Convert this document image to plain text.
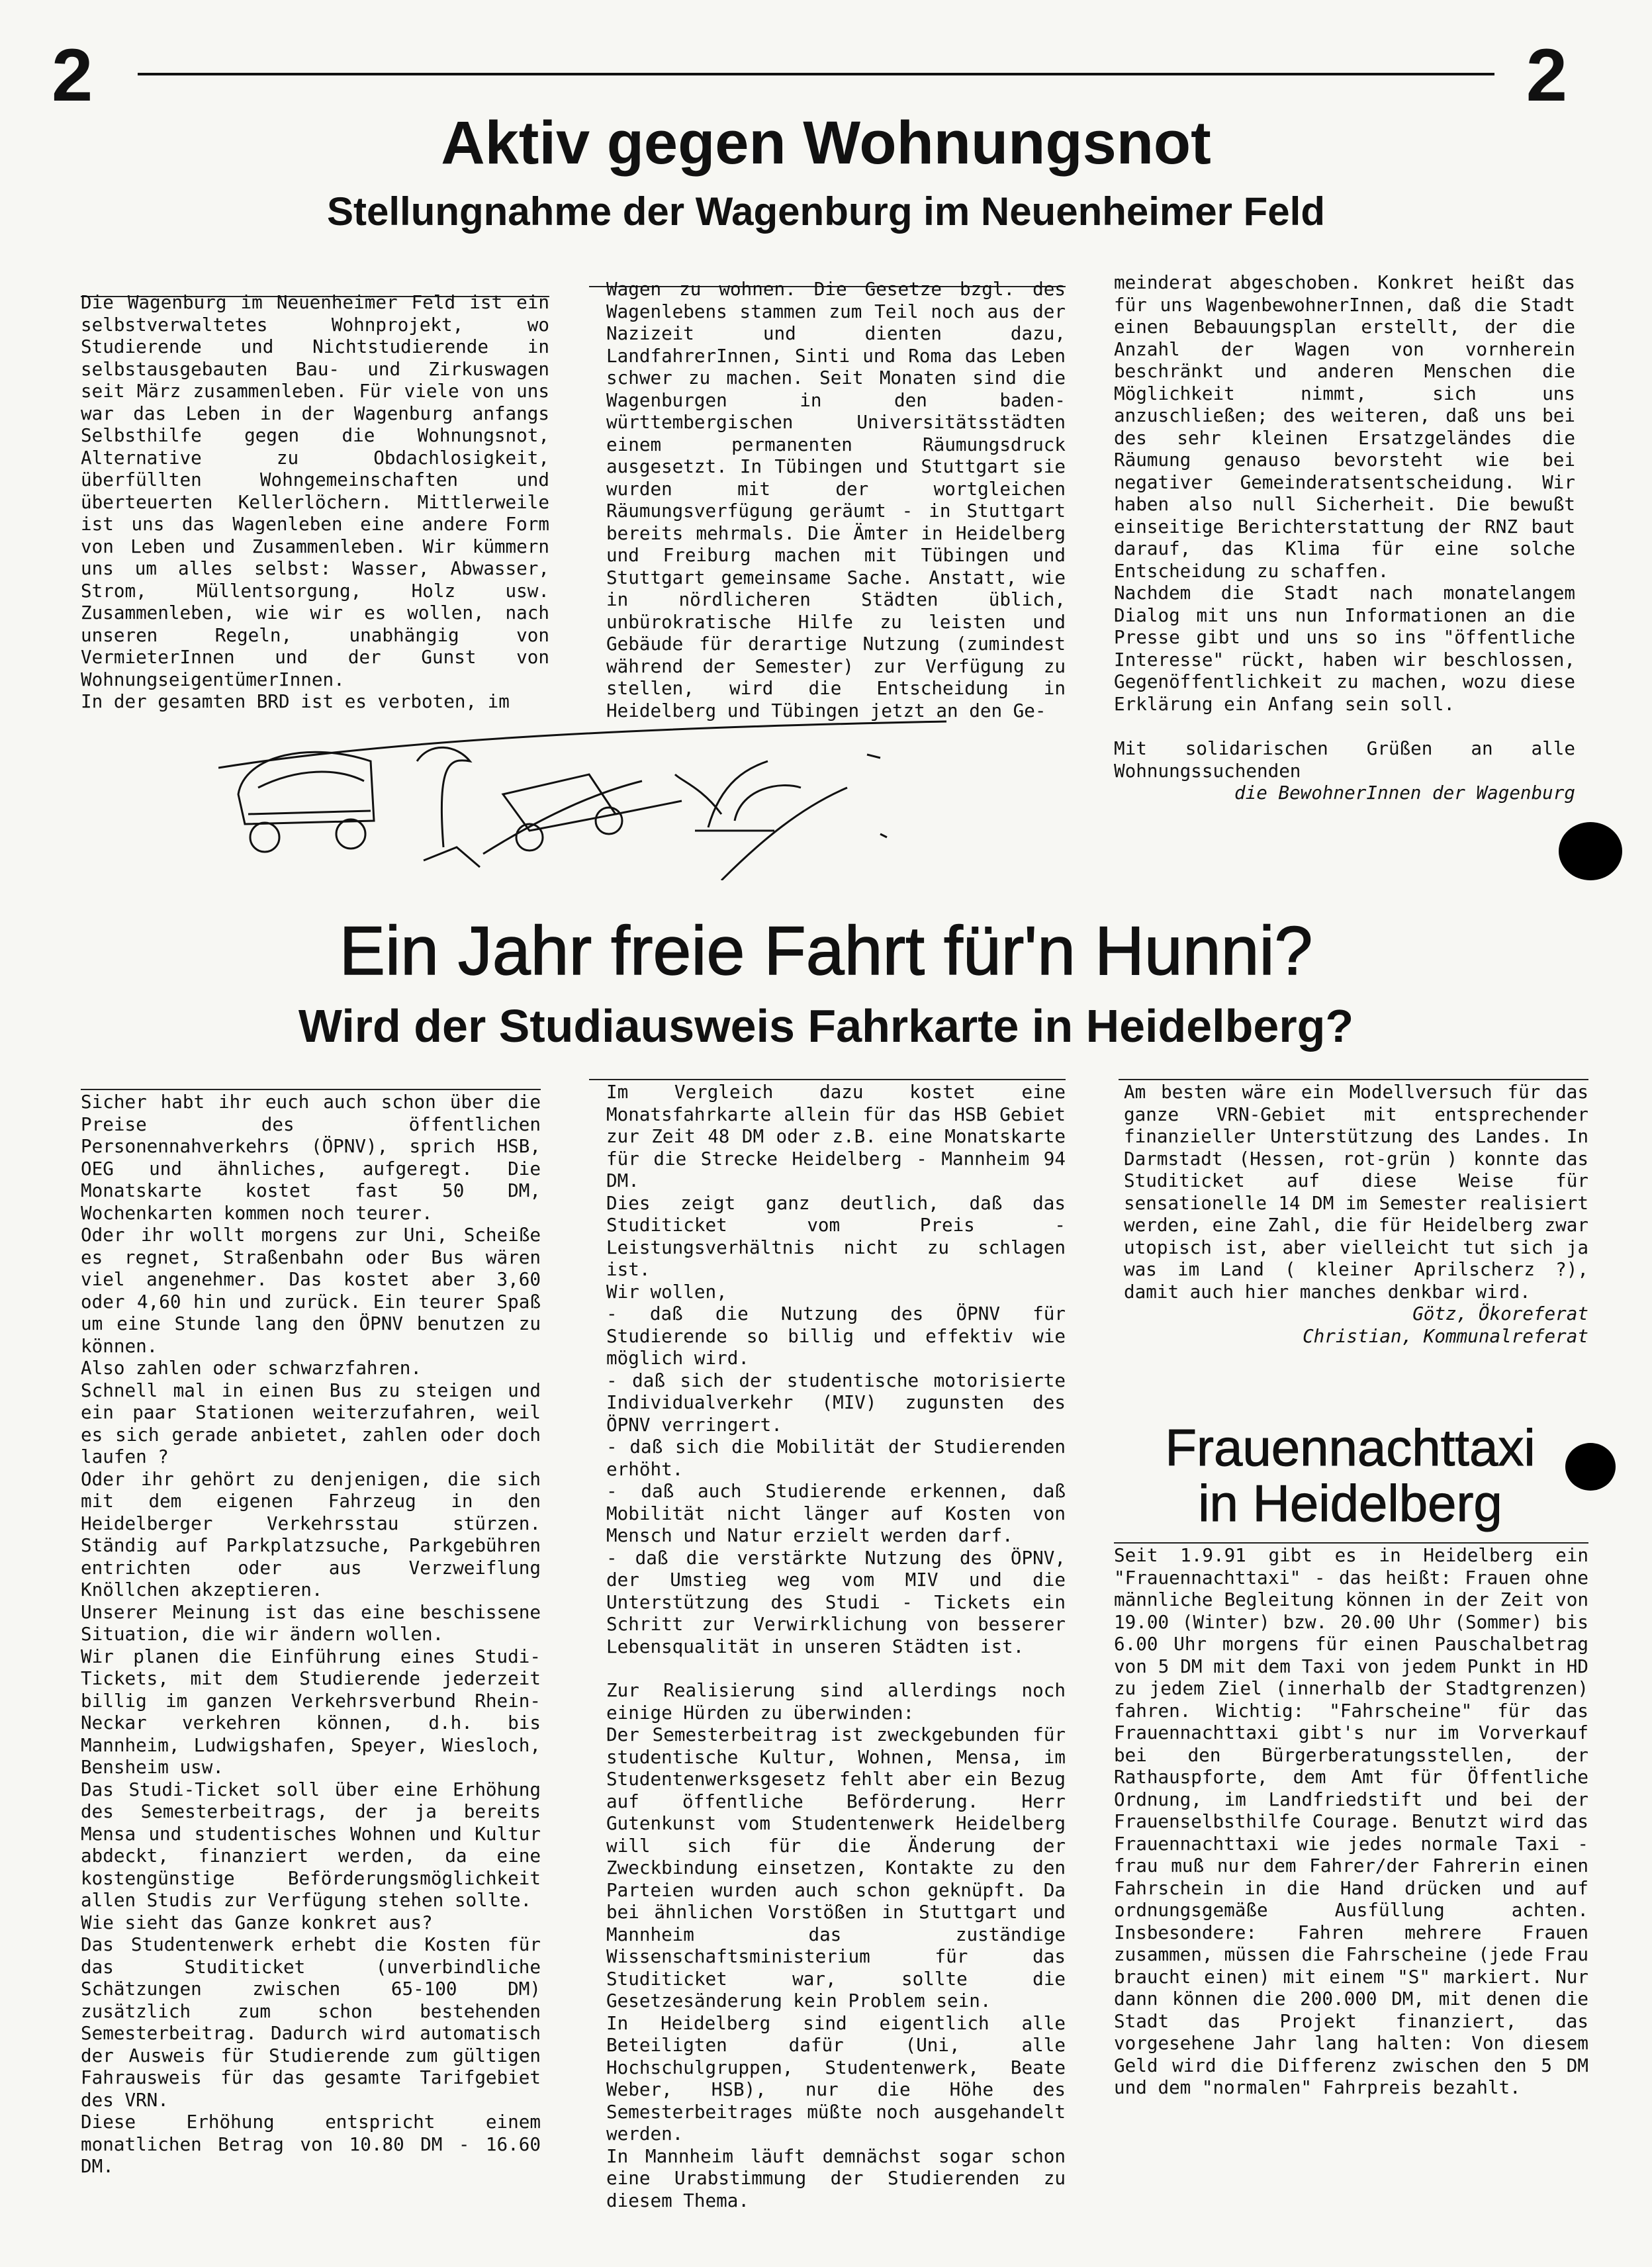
2	2
Aktiv gegen Wohnungsnot
Stellungnahme der Wagenburg im Neuenheimer Feld

Die Wagenburg im Neuenheimer Feld ist ein selbstverwaltetes Wohnprojekt, wo Studierende und Nichtstudierende in selbstausgebauten Bau- und Zirkuswagen seit März zusammenleben. Für viele von uns war das Leben in der Wagenburg anfangs Selbsthilfe gegen die Wohnungsnot, Alternative zu Obdachlosigkeit, überfüllten Wohngemeinschaften und überteuerten Kellerlöchern. Mittlerweile ist uns das Wagenleben eine andere Form von Leben und Zusammenleben. Wir kümmern uns um alles selbst: Wasser, Abwasser, Strom, Müllentsorgung, Holz usw. Zusammenleben, wie wir es wollen, nach unseren Regeln, unabhängig von VermieterInnen und der Gunst von WohnungseigentümerInnen.

In der gesamten BRD ist es verboten, im

Wagen zu wohnen. Die Gesetze bzgl. des Wagenlebens stammen zum Teil noch aus der Nazizeit und dienten dazu, LandfahrerInnen, Sinti und Roma das Leben schwer zu machen. Seit Monaten sind die Wagenburgen in den baden-württembergischen Universitätsstädten einem permanenten Räumungsdruck ausgesetzt. In Tübingen und Stuttgart sie wurden mit der wortgleichen Räumungsverfügung geräumt - in Stuttgart bereits mehrmals. Die Ämter in Heidelberg und Freiburg machen mit Tübingen und Stuttgart gemeinsame Sache. Anstatt, wie in nördlicheren Städten üblich, unbürokratische Hilfe zu leisten und Gebäude für derartige Nutzung (zumindest während der Semester) zur Verfügung zu stellen, wird die Entscheidung in Heidelberg und Tübingen jetzt an den Ge-

meinderat abgeschoben. Konkret heißt das für uns WagenbewohnerInnen, daß die Stadt einen Bebauungsplan erstellt, der die Anzahl der Wagen von vornherein beschränkt und anderen Menschen die Möglichkeit nimmt, sich uns anzuschließen; des weiteren, daß uns bei des sehr kleinen Ersatzgeländes die Räumung genauso bevorsteht wie bei negativer Gemeinderatsentscheidung. Wir haben also null Sicherheit. Die bewußt einseitige Berichterstattung der RNZ baut darauf, das Klima für eine solche Entscheidung zu schaffen.

Nachdem die Stadt nach monatelangem Dialog mit uns nun Informationen an die Presse gibt und uns so ins "öffentliche Interesse" rückt, haben wir beschlossen, Gegenöffentlichkeit zu machen, wozu diese Erklärung ein Anfang sein soll.

Mit solidarischen Grüßen an alle Wohnungssuchenden

die BewohnerInnen der Wagenburg

Ein Jahr freie Fahrt für'n Hunni?
Wird der Studiausweis Fahrkarte in Heidelberg?

Sicher habt ihr euch auch schon über die Preise des öffentlichen Personennahverkehrs (ÖPNV), sprich HSB, OEG und ähnliches, aufgeregt. Die Monatskarte kostet fast 50 DM, Wochenkarten kommen noch teurer.

Oder ihr wollt morgens zur Uni, Scheiße es regnet, Straßenbahn oder Bus wären viel angenehmer. Das kostet aber 3,60 oder 4,60 hin und zurück. Ein teurer Spaß um eine Stunde lang den ÖPNV benutzen zu können.

Also zahlen oder schwarzfahren.

Schnell mal in einen Bus zu steigen und ein paar Stationen weiterzufahren, weil es sich gerade anbietet, zahlen oder doch laufen ?

Oder ihr gehört zu denjenigen, die sich mit dem eigenen Fahrzeug in den Heidelberger Verkehrsstau stürzen. Ständig auf Parkplatzsuche, Parkgebühren entrichten oder aus Verzweiflung Knöllchen akzeptieren.

Unserer Meinung ist das eine beschissene Situation, die wir ändern wollen.

Wir planen die Einführung eines Studi-Tickets, mit dem Studierende jederzeit billig im ganzen Verkehrsverbund Rhein-Neckar verkehren können, d.h. bis Mannheim, Ludwigshafen, Speyer, Wiesloch, Bensheim usw.

Das Studi-Ticket soll über eine Erhöhung des Semesterbeitrags, der ja bereits Mensa und studentisches Wohnen und Kultur abdeckt, finanziert werden, da eine kostengünstige Beförderungsmöglichkeit allen Studis zur Verfügung stehen sollte.

Wie sieht das Ganze konkret aus?

Das Studentenwerk erhebt die Kosten für das Studiticket (unverbindliche Schätzungen zwischen 65-100 DM) zusätzlich zum schon bestehenden Semesterbeitrag. Dadurch wird automatisch der Ausweis für Studierende zum gültigen Fahrausweis für das gesamte Tarifgebiet des VRN.

Diese Erhöhung entspricht einem monatlichen Betrag von 10.80 DM - 16.60 DM.

Im Vergleich dazu kostet eine Monatsfahrkarte allein für das HSB Gebiet zur Zeit 48 DM oder z.B. eine Monatskarte für die Strecke Heidelberg - Mannheim 94 DM.

Dies zeigt ganz deutlich, daß das Studiticket vom Preis - Leistungsverhältnis nicht zu schlagen ist.

Wir wollen,

- daß die Nutzung des ÖPNV für Studierende so billig und effektiv wie möglich wird.

- daß sich der studentische motorisierte Individualverkehr (MIV) zugunsten des ÖPNV verringert.

- daß sich die Mobilität der Studierenden erhöht.

- daß auch Studierende erkennen, daß Mobilität nicht länger auf Kosten von Mensch und Natur erzielt werden darf.

- daß die verstärkte Nutzung des ÖPNV, der Umstieg weg vom MIV und die Unterstützung des Studi - Tickets ein Schritt zur Verwirklichung von besserer Lebensqualität in unseren Städten ist.

Zur Realisierung sind allerdings noch einige Hürden zu überwinden:

Der Semesterbeitrag ist zweckgebunden für studentische Kultur, Wohnen, Mensa, im Studentenwerksgesetz fehlt aber ein Bezug auf öffentliche Beförderung. Herr Gutenkunst vom Studentenwerk Heidelberg will sich für die Änderung der Zweckbindung einsetzen, Kontakte zu den Parteien wurden auch schon geknüpft. Da bei ähnlichen Vorstößen in Stuttgart und Mannheim das zuständige Wissenschaftsministerium für das Studiticket war, sollte die Gesetzesänderung kein Problem sein.

In Heidelberg sind eigentlich alle Beteiligten dafür (Uni, alle Hochschulgruppen, Studentenwerk, Beate Weber, HSB), nur die Höhe des Semesterbeitrages müßte noch ausgehandelt werden.

In Mannheim läuft demnächst sogar schon eine Urabstimmung der Studierenden zu diesem Thema.

Am besten wäre ein Modellversuch für das ganze VRN-Gebiet mit entsprechender finanzieller Unterstützung des Landes. In Darmstadt (Hessen, rot-grün ) konnte das Studiticket auf diese Weise für sensationelle 14 DM im Semester realisiert werden, eine Zahl, die für Heidelberg zwar utopisch ist, aber vielleicht tut sich ja was im Land ( kleiner Aprilscherz ?), damit auch hier manches denkbar wird.

Götz, Ökoreferat

Christian, Kommunalreferat

Frauennachttaxi
in Heidelberg

Seit 1.9.91 gibt es in Heidelberg ein "Frauennachttaxi" - das heißt: Frauen ohne männliche Begleitung können in der Zeit von 19.00 (Winter) bzw. 20.00 Uhr (Sommer) bis 6.00 Uhr morgens für einen Pauschalbetrag von 5 DM mit dem Taxi von jedem Punkt in HD zu jedem Ziel (innerhalb der Stadtgrenzen) fahren. Wichtig: "Fahrscheine" für das Frauennachttaxi gibt's nur im Vorverkauf bei den Bürgerberatungsstellen, der Rathauspforte, dem Amt für Öffentliche Ordnung, im Landfriedstift und bei der Frauenselbsthilfe Courage. Benutzt wird das Frauennachttaxi wie jedes normale Taxi - frau muß nur dem Fahrer/der Fahrerin einen Fahrschein in die Hand drücken und auf ordnungsgemäße Ausfüllung achten. Insbesondere: Fahren mehrere Frauen zusammen, müssen die Fahrscheine (jede Frau braucht einen) mit einem "S" markiert. Nur dann können die 200.000 DM, mit denen die Stadt das Projekt finanziert, das vorgesehene Jahr lang halten: Von diesem Geld wird die Differenz zwischen den 5 DM und dem "normalen" Fahrpreis bezahlt.
